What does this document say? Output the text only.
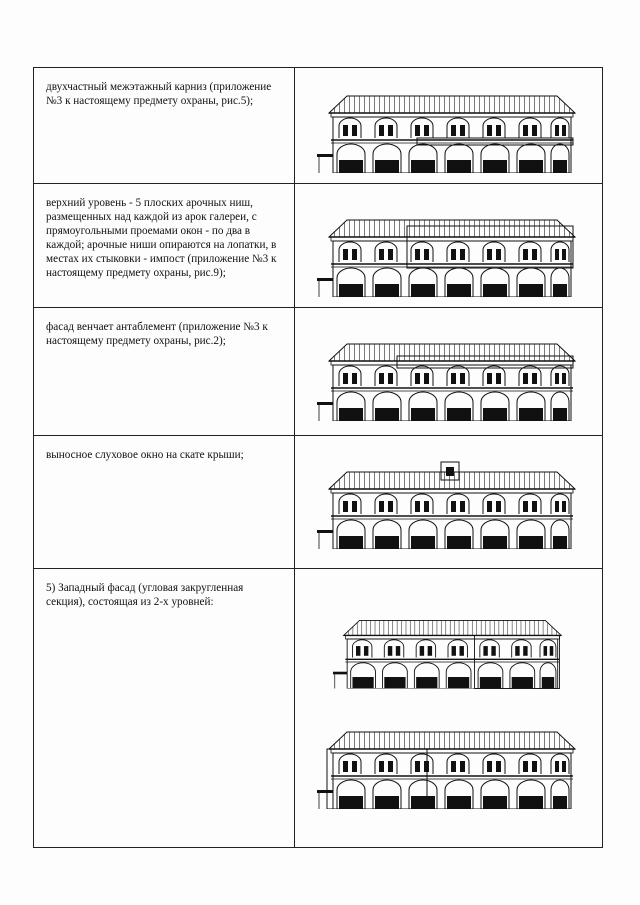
двухчастный межэтажный карниз (приложение №3 к настоящему предмету охраны, рис.5);

верхний уровень - 5 плоских арочных ниш, размещенных над каждой из арок галереи, с прямоугольными проемами окон - по два в каждой; арочные ниши опираются на лопатки, в местах их стыковки - импост (приложение №3 к настоящему предмету охраны, рис.9);

фасад венчает антаблемент (приложение №3 к настоящему предмету охраны, рис.2);

выносное слуховое окно на скате крыши;

5) Западный фасад (угловая закругленная секция), состоящая из 2-х уровней:
